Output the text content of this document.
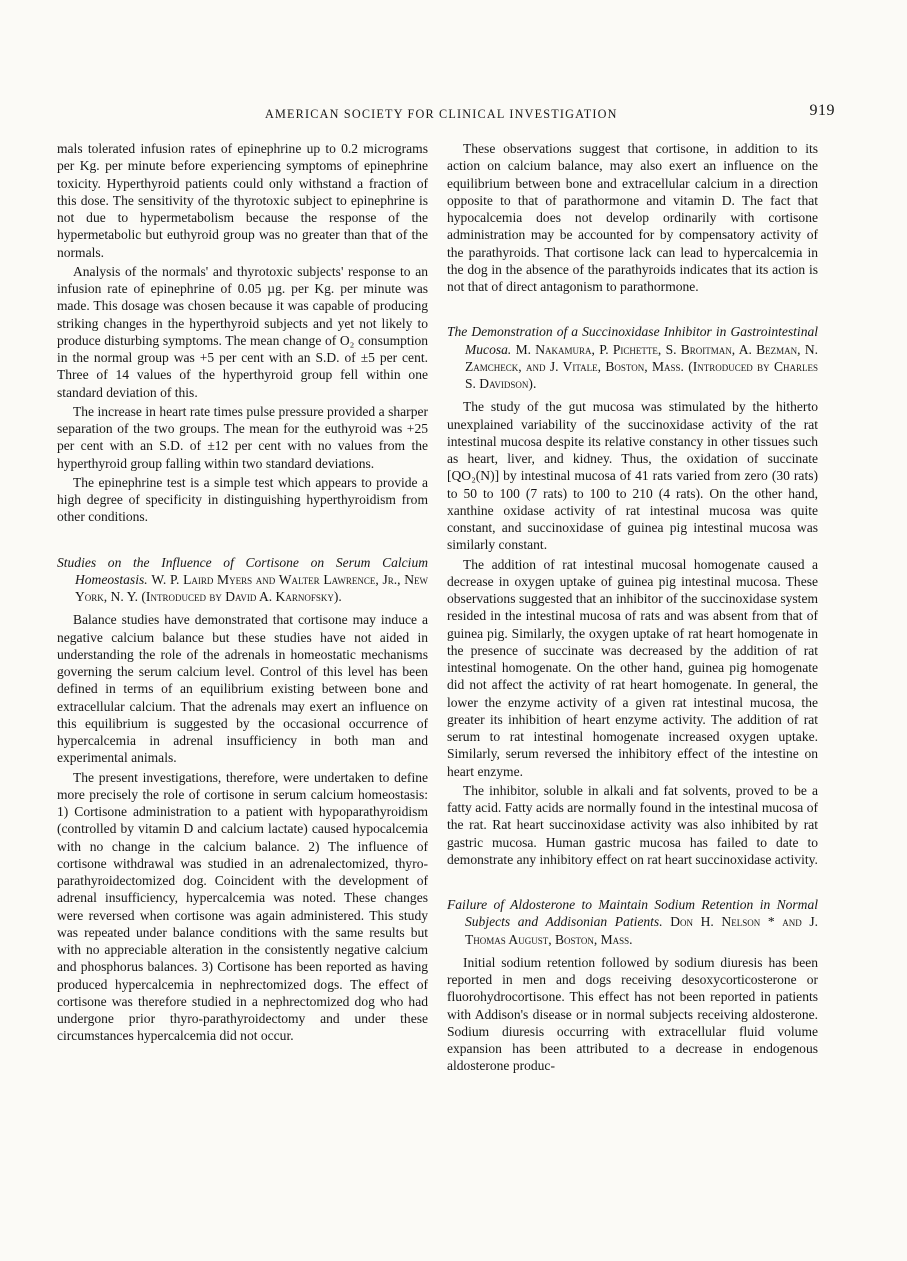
AMERICAN SOCIETY FOR CLINICAL INVESTIGATION	919

mals tolerated infusion rates of epinephrine up to 0.2 micrograms per Kg. per minute before experiencing symptoms of epinephrine toxicity. Hyperthyroid patients could only withstand a fraction of this dose. The sensitivity of the thyrotoxic subject to epinephrine is not due to hypermetabolism because the response of the hypermetabolic but euthyroid group was no greater than that of the normals.

Analysis of the normals' and thyrotoxic subjects' response to an infusion rate of epinephrine of 0.05 µg. per Kg. per minute was made. This dosage was chosen because it was capable of producing striking changes in the hyperthyroid subjects and yet not likely to produce disturbing symptoms. The mean change of O₂ consumption in the normal group was +5 per cent with an S.D. of ±5 per cent. Three of 14 values of the hyperthyroid group fell within one standard deviation of this.

The increase in heart rate times pulse pressure provided a sharper separation of the two groups. The mean for the euthyroid was +25 per cent with an S.D. of ±12 per cent with no values from the hyperthyroid group falling within two standard deviations.

The epinephrine test is a simple test which appears to provide a high degree of specificity in distinguishing hyperthyroidism from other conditions.

Studies on the Influence of Cortisone on Serum Calcium Homeostasis. W. P. Laird Myers and Walter Lawrence, Jr., New York, N. Y. (Introduced by David A. Karnofsky).

Balance studies have demonstrated that cortisone may induce a negative calcium balance but these studies have not aided in understanding the role of the adrenals in homeostatic mechanisms governing the serum calcium level. Control of this level has been defined in terms of an equilibrium existing between bone and extracellular calcium. That the adrenals may exert an influence on this equilibrium is suggested by the occasional occurrence of hypercalcemia in adrenal insufficiency in both man and experimental animals.

The present investigations, therefore, were undertaken to define more precisely the role of cortisone in serum calcium homeostasis: 1) Cortisone administration to a patient with hypoparathyroidism (controlled by vitamin D and calcium lactate) caused hypocalcemia with no change in the calcium balance. 2) The influence of cortisone withdrawal was studied in an adrenalectomized, thyro-parathyroidectomized dog. Coincident with the development of adrenal insufficiency, hypercalcemia was noted. These changes were reversed when cortisone was again administered. This study was repeated under balance conditions with the same results but with no appreciable alteration in the consistently negative calcium and phosphorus balances. 3) Cortisone has been reported as having produced hypercalcemia in nephrectomized dogs. The effect of cortisone was therefore studied in a nephrectomized dog who had undergone prior thyro-parathyroidectomy and under these circumstances hypercalcemia did not occur.

These observations suggest that cortisone, in addition to its action on calcium balance, may also exert an influence on the equilibrium between bone and extracellular calcium in a direction opposite to that of parathormone and vitamin D. The fact that hypocalcemia does not develop ordinarily with cortisone administration may be accounted for by compensatory activity of the parathyroids. That cortisone lack can lead to hypercalcemia in the dog in the absence of the parathyroids indicates that its action is not that of direct antagonism to parathormone.

The Demonstration of a Succinoxidase Inhibitor in Gastrointestinal Mucosa. M. Nakamura, P. Pichette, S. Broitman, A. Bezman, N. Zamcheck, and J. Vitale, Boston, Mass. (Introduced by Charles S. Davidson).

The study of the gut mucosa was stimulated by the hitherto unexplained variability of the succinoxidase activity of the rat intestinal mucosa despite its relative constancy in other tissues such as heart, liver, and kidney. Thus, the oxidation of succinate [QO₂(N)] by intestinal mucosa of 41 rats varied from zero (30 rats) to 50 to 100 (7 rats) to 100 to 210 (4 rats). On the other hand, xanthine oxidase activity of rat intestinal mucosa was quite constant, and succinoxidase of guinea pig intestinal mucosa was similarly constant.

The addition of rat intestinal mucosal homogenate caused a decrease in oxygen uptake of guinea pig intestinal mucosa. These observations suggested that an inhibitor of the succinoxidase system resided in the intestinal mucosa of rats and was absent from that of guinea pig. Similarly, the oxygen uptake of rat heart homogenate in the presence of succinate was decreased by the addition of rat intestinal homogenate. On the other hand, guinea pig homogenate did not affect the activity of rat heart homogenate. In general, the lower the enzyme activity of a given rat intestinal mucosa, the greater its inhibition of heart enzyme activity. The addition of rat serum to rat intestinal homogenate increased oxygen uptake. Similarly, serum reversed the inhibitory effect of the intestine on heart enzyme.

The inhibitor, soluble in alkali and fat solvents, proved to be a fatty acid. Fatty acids are normally found in the intestinal mucosa of the rat. Rat heart succinoxidase activity was also inhibited by rat gastric mucosa. Human gastric mucosa has failed to date to demonstrate any inhibitory effect on rat heart succinoxidase activity.

Failure of Aldosterone to Maintain Sodium Retention in Normal Subjects and Addisonian Patients. Don H. Nelson * and J. Thomas August, Boston, Mass.

Initial sodium retention followed by sodium diuresis has been reported in men and dogs receiving desoxycorticosterone or fluorohydrocortisone. This effect has not been reported in patients with Addison's disease or in normal subjects receiving aldosterone. Sodium diuresis occurring with extracellular fluid volume expansion has been attributed to a decrease in endogenous aldosterone produc-
